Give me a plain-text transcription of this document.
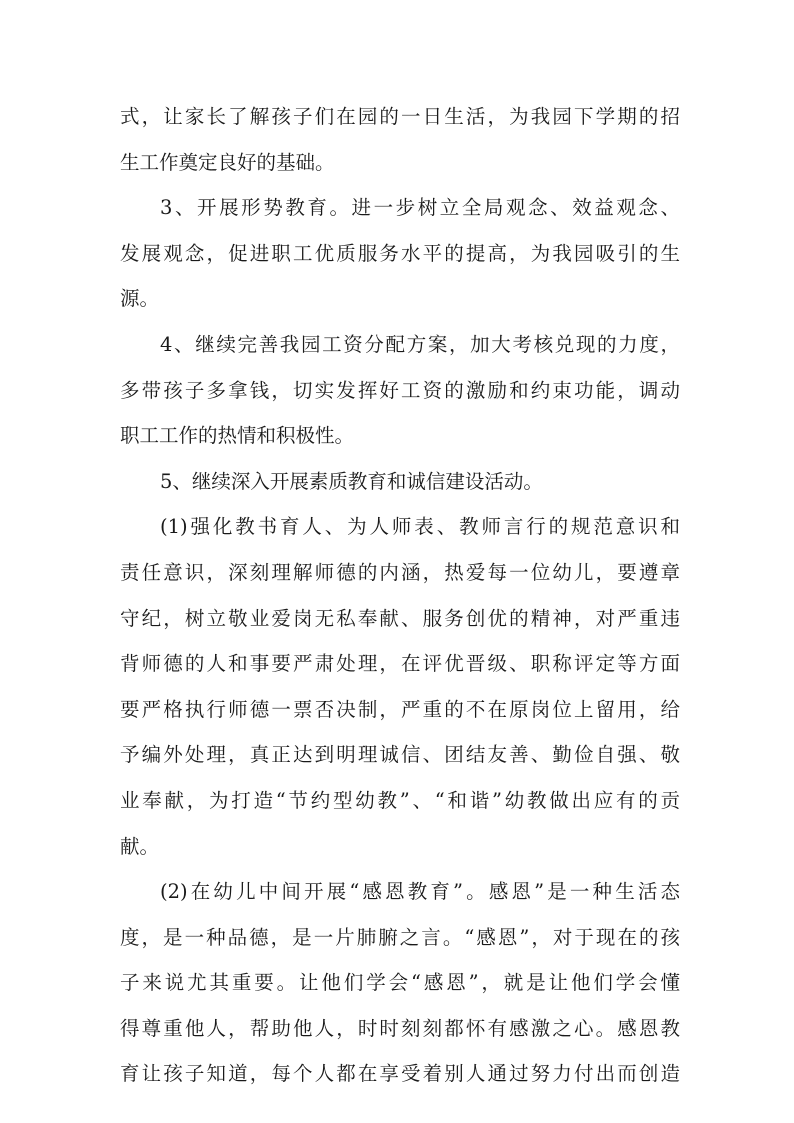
式，让家长了解孩子们在园的一日生活，为我园下学期的招
生工作奠定良好的基础。
3、开展形势教育。进一步树立全局观念、效益观念、
发展观念，促进职工优质服务水平的提高，为我园吸引的生
源。
4、继续完善我园工资分配方案，加大考核兑现的力度，
多带孩子多拿钱，切实发挥好工资的激励和约束功能，调动
职工工作的热情和积极性。
5、继续深入开展素质教育和诚信建设活动。
(1)强化教书育人、为人师表、教师言行的规范意识和
责任意识，深刻理解师德的内涵，热爱每一位幼儿，要遵章
守纪，树立敬业爱岗无私奉献、服务创优的精神，对严重违
背师德的人和事要严肃处理，在评优晋级、职称评定等方面
要严格执行师德一票否决制，严重的不在原岗位上留用，给
予编外处理，真正达到明理诚信、团结友善、勤俭自强、敬
业奉献，为打造“节约型幼教”、“和谐”幼教做出应有的贡
献。
(2)在幼儿中间开展“感恩教育”。感恩”是一种生活态
度，是一种品德，是一片肺腑之言。“感恩”，对于现在的孩
子来说尤其重要。让他们学会“感恩”，就是让他们学会懂
得尊重他人，帮助他人，时时刻刻都怀有感激之心。感恩教
育让孩子知道，每个人都在享受着别人通过努力付出而创造
